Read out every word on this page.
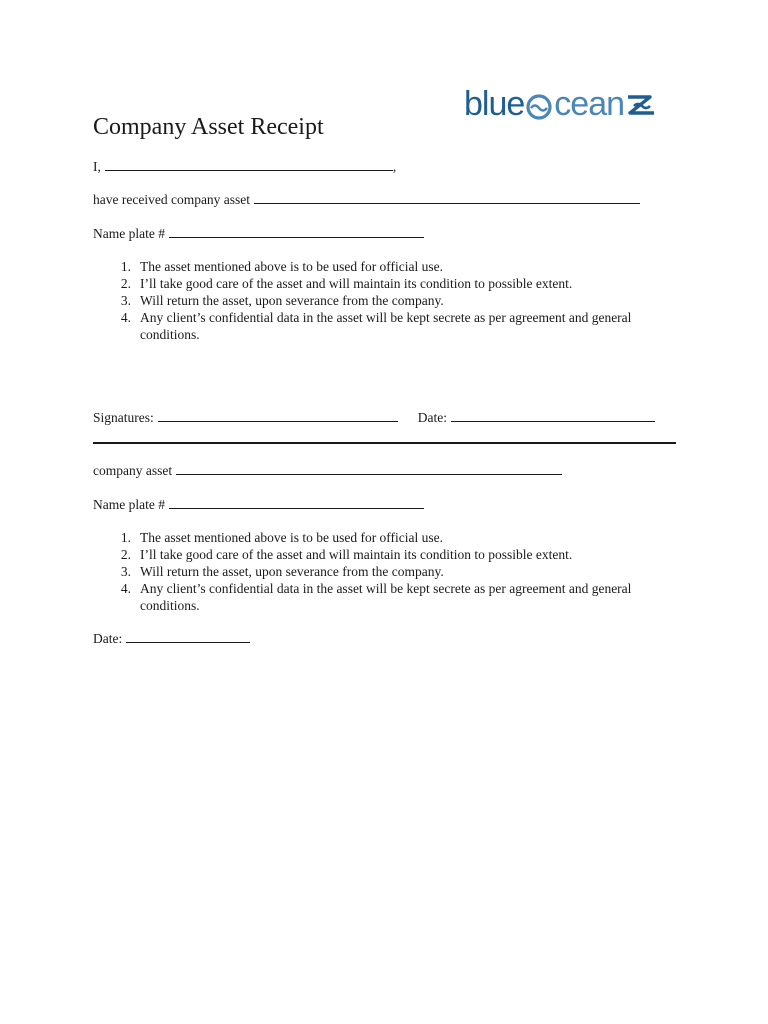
blue cean
Company Asset Receipt
I,	,
have received company asset
Name plate #
1. The asset mentioned above is to be used for official use.
2. I’ll take good care of the asset and will maintain its condition to possible extent.
3. Will return the asset, upon severance from the company.
4. Any client’s confidential data in the asset will be kept secrete as per agreement and general conditions.
Signatures:	Date:
company asset
Name plate #
1. The asset mentioned above is to be used for official use.
2. I’ll take good care of the asset and will maintain its condition to possible extent.
3. Will return the asset, upon severance from the company.
4. Any client’s confidential data in the asset will be kept secrete as per agreement and general conditions.
Date:
